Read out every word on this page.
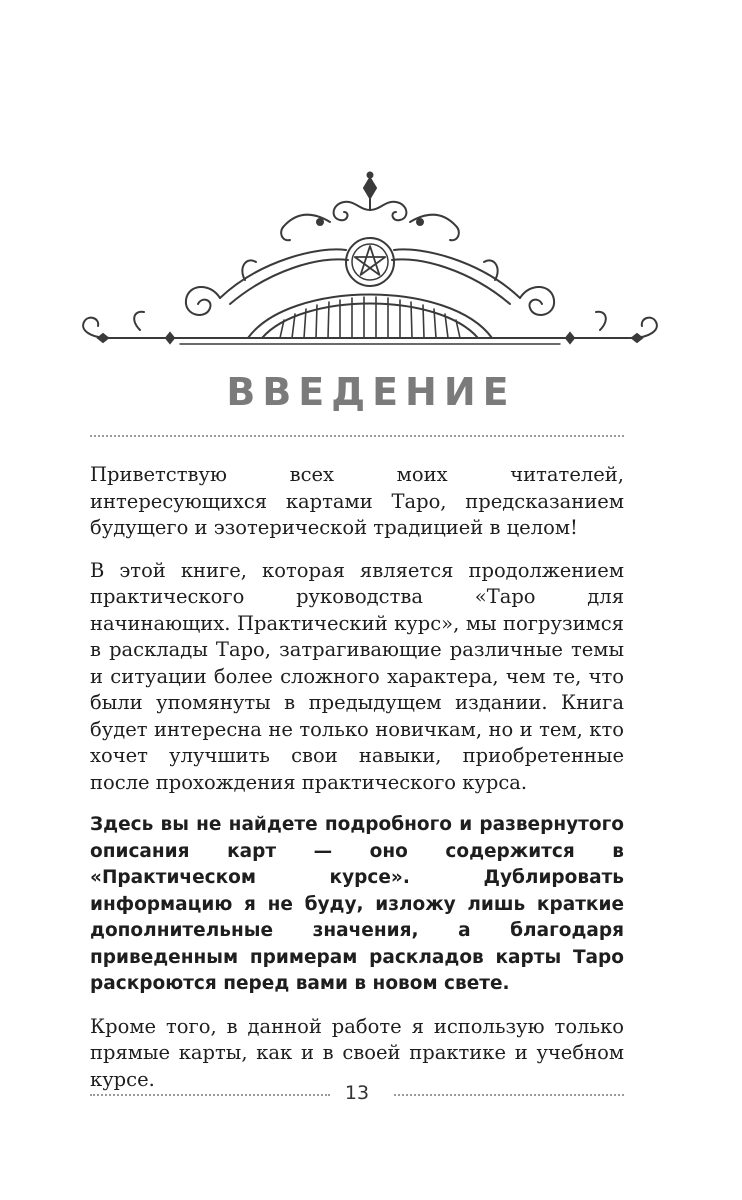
ВВЕДЕНИЕ

Приветствую всех моих читателей, интересующихся картами Таро, предсказанием будущего и эзотерической традицией в целом!

В этой книге, которая является продолжением практического руководства «Таро для начинающих. Практический курс», мы погрузимся в расклады Таро, затрагивающие различные темы и ситуации более сложного характера, чем те, что были упомянуты в предыдущем издании. Книга будет интересна не только новичкам, но и тем, кто хочет улучшить свои навыки, приобретенные после прохождения практического курса.

Здесь вы не найдете подробного и развернутого описания карт — оно содержится в «Практическом курсе». Дублировать информацию я не буду, изложу лишь краткие дополнительные значения, а благодаря приведенным примерам раскладов карты Таро раскроются перед вами в новом свете.

Кроме того, в данной работе я использую только прямые карты, как и в своей практике и учебном курсе.

13
